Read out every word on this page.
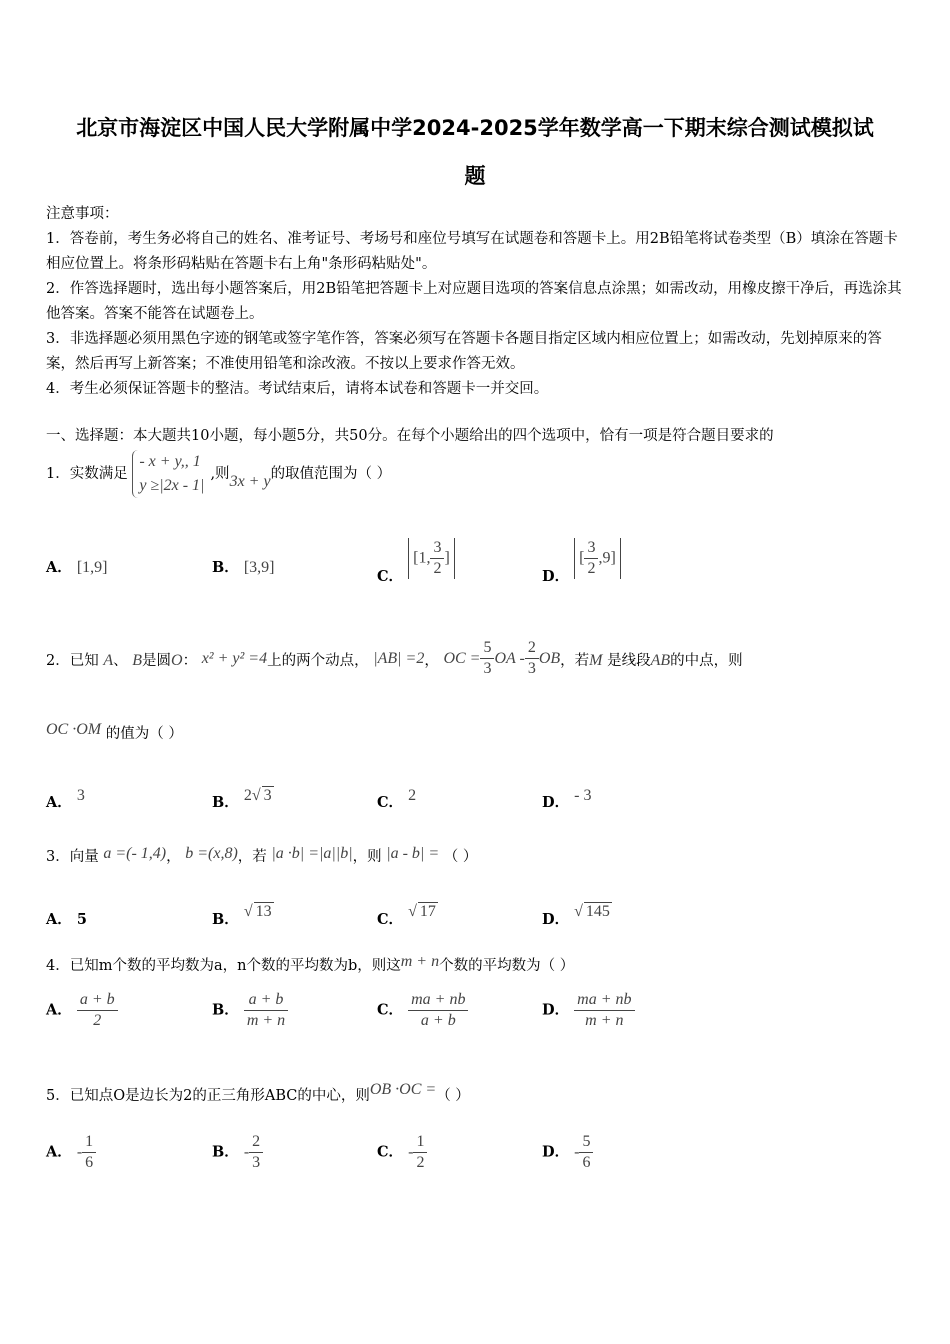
北京市海淀区中国人民大学附属中学2024-2025学年数学高一下期末综合测试模拟试
题

注意事项：

1．答卷前，考生务必将自己的姓名、准考证号、考场号和座位号填写在试题卷和答题卡上。用2B铅笔将试卷类型（B）填涂在答题卡相应位置上。将条形码粘贴在答题卡右上角"条形码粘贴处"。

2．作答选择题时，选出每小题答案后，用2B铅笔把答题卡上对应题目选项的答案信息点涂黑；如需改动，用橡皮擦干净后，再选涂其他答案。答案不能答在试题卷上。

3．非选择题必须用黑色字迹的钢笔或签字笔作答，答案必须写在答题卡各题目指定区域内相应位置上；如需改动，先划掉原来的答案，然后再写上新答案；不准使用铅笔和涂改液。不按以上要求作答无效。

4．考生必须保证答题卡的整洁。考试结束后，请将本试卷和答题卡一并交回。

一、选择题：本大题共10小题，每小题5分，共50分。在每个小题给出的四个选项中，恰有一项是符合题目要求的
1．实数满足
- x + y,, 1
y ≥|2x - 1|
,则3x + y的取值范围为（ ）
A． [1,9]	B． [3,9]	C． [1, $\frac{3}{2}$ ]
D． [ $\frac{3}{2} ,9$]
2．已知 A、 B是圆O： x² + y² =4上的两个动点， |AB| =2， OC = $\frac{5}{3}$ OA - $\frac{2}{3}$ OB，若M 是线段AB的中点，则
OC ·OM 的值为（ ）
A． 3	B． 2√ 3	C． 2	D． - 3
3．向量 a =(- 1,4)， b =(x,8)，若 |a ·b| =|a||b|，则 |a - b| = （ ）
A． 5	B． √ 13	C． √ 17	D． √ 145
4．已知m个数的平均数为a，n个数的平均数为b，则这m + n个数的平均数为（ ）
A． $\frac{a + b}{2}$	B． $\frac{a + b}{m + n}$	C． $\frac{ma + nb}{a + b}$	D． $\frac{ma + nb}{m + n}$
5．已知点O是边长为2的正三角形ABC的中心，则OB ·OC =（ ）
A． - $\frac{1}{6}$	B． - $\frac{2}{3}$	C． - $\frac{1}{2}$	D． - $\frac{5}{6}$
